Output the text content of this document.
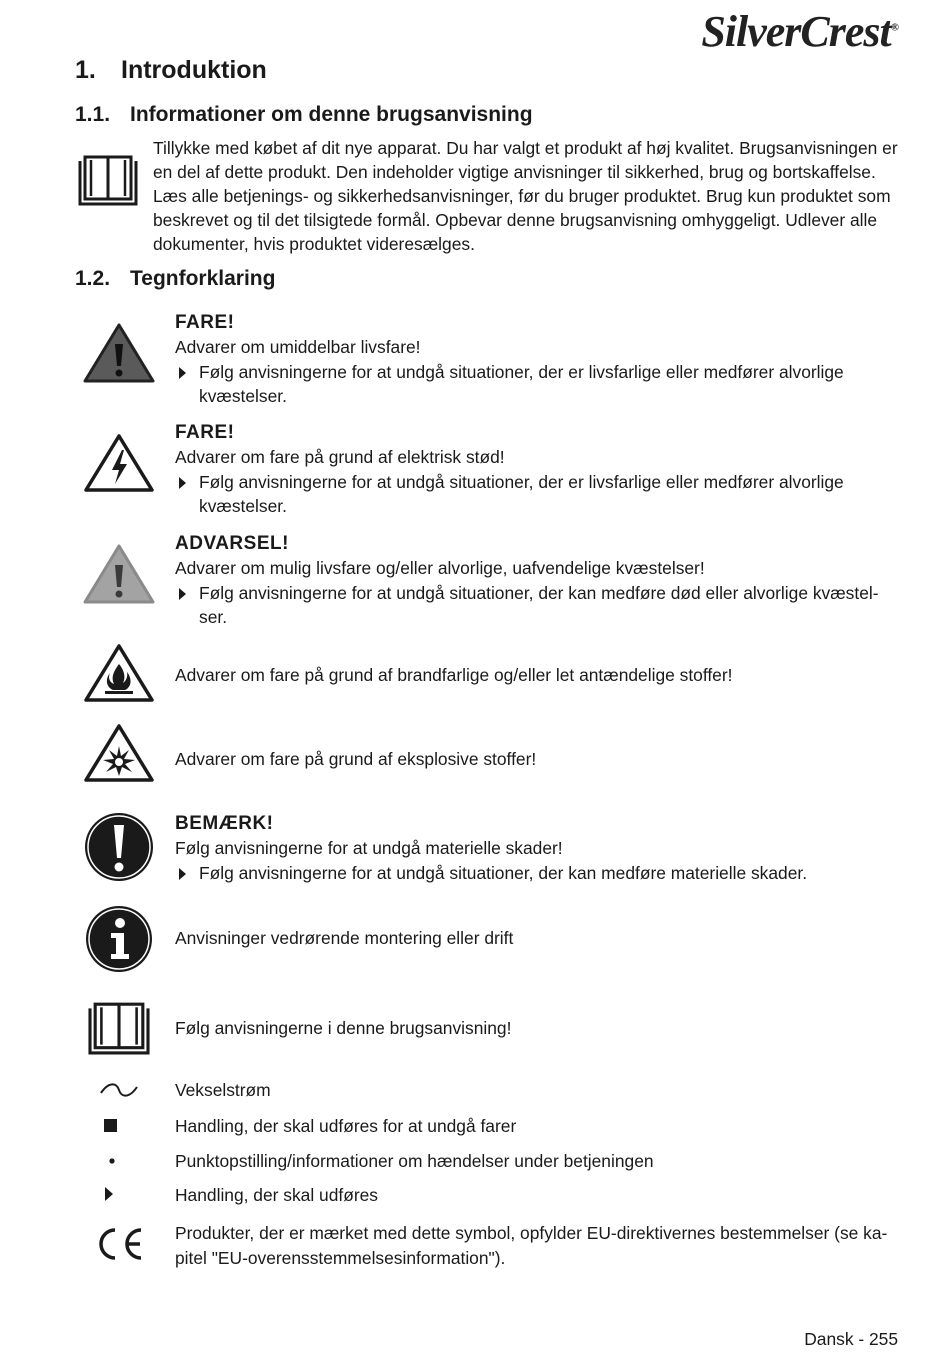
SilverCrest®
1. Introduktion
1.1. Informationer om denne brugsanvisning

Tillykke med købet af dit nye apparat. Du har valgt et produkt af høj kvalitet. Brugsanvisningen er en del af dette produkt. Den indeholder vigtige anvisninger til sikkerhed, brug og bortskaffelse. Læs alle betjenings- og sikkerhedsanvisninger, før du bruger produktet. Brug kun produktet som beskrevet og til det tilsigtede formål. Opbevar denne brugsanvisning omhyggeligt. Udlever alle dokumenter, hvis produktet videresælges.

1.2. Tegnforklaring
FARE!
Advarer om umiddelbar livsfare!
Følg anvisningerne for at undgå situationer, der er livsfarlige eller medfører alvorlige kvæstelser.
FARE!
Advarer om fare på grund af elektrisk stød!
Følg anvisningerne for at undgå situationer, der er livsfarlige eller medfører alvorlige kvæstelser.
ADVARSEL!
Advarer om mulig livsfare og/eller alvorlige, uafvendelige kvæstelser!
Følg anvisningerne for at undgå situationer, der kan medføre død eller alvorlige kvæstel-ser.
Advarer om fare på grund af brandfarlige og/eller let antændelige stoffer!
Advarer om fare på grund af eksplosive stoffer!
BEMÆRK!
Følg anvisningerne for at undgå materielle skader!
Følg anvisningerne for at undgå situationer, der kan medføre materielle skader.
Anvisninger vedrørende montering eller drift
Følg anvisningerne i denne brugsanvisning!
Vekselstrøm
Handling, der skal udføres for at undgå farer
Punktopstilling/informationer om hændelser under betjeningen
Handling, der skal udføres
Produkter, der er mærket med dette symbol, opfylder EU-direktivernes bestemmelser (se ka-pitel "EU-overensstemmelsesinformation").
Dansk - 255
